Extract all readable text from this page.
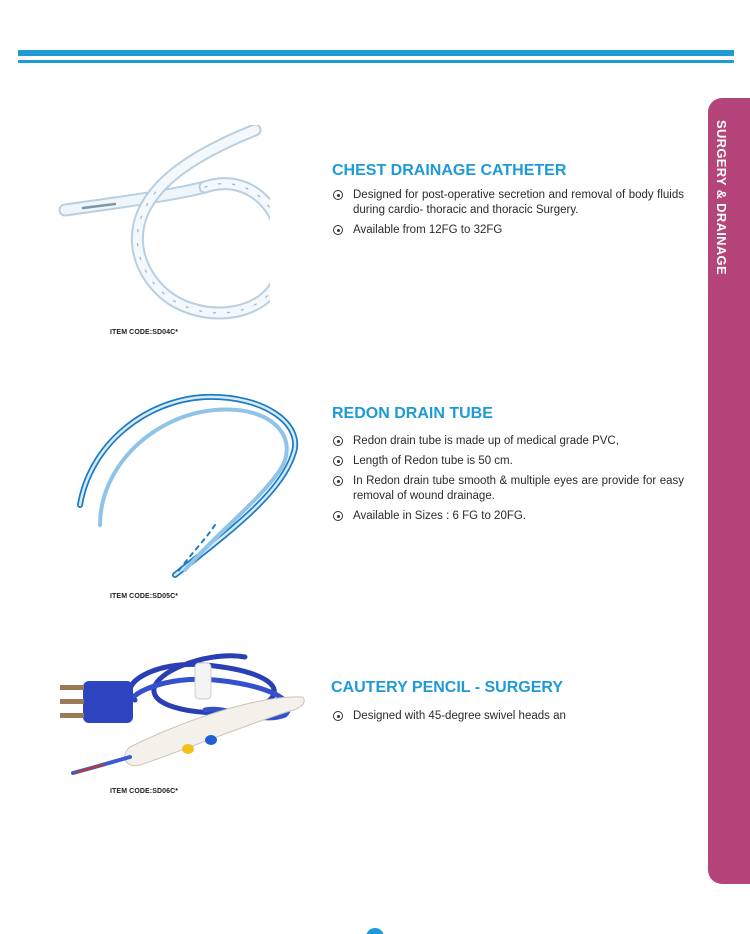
SURGERY & DRAINAGE
ITEM CODE:SD04C*
CHEST DRAINAGE CATHETER
Designed for post-operative secretion and removal of body fluids during cardio- thoracic and thoracic Surgery.
Available from 12FG to 32FG
ITEM CODE:SD05C*
REDON DRAIN TUBE
Redon drain tube is made up of medical grade PVC,
Length of Redon tube is 50 cm.
In Redon drain tube smooth & multiple eyes are provide for easy removal of wound drainage.
Available in Sizes : 6 FG to 20FG.
ITEM CODE:SD06C*
CAUTERY PENCIL - SURGERY
Designed with 45-degree swivel heads an
